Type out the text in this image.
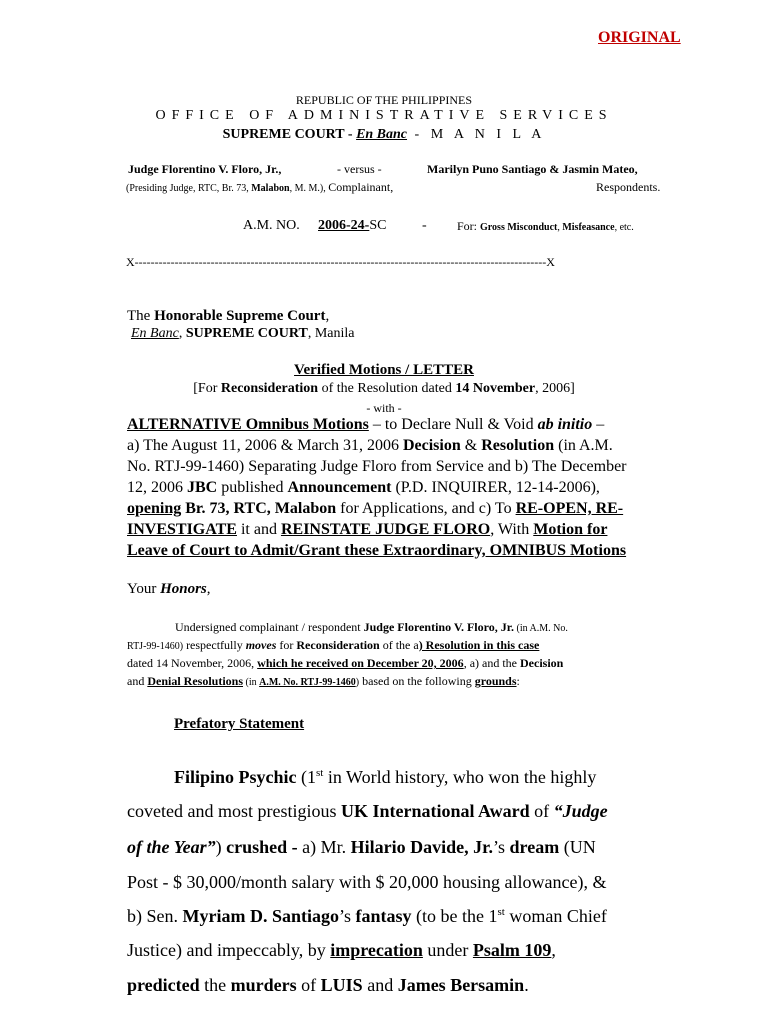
ORIGINAL
REPUBLIC OF THE PHILIPPINES
OFFICE OF ADMINISTRATIVE SERVICES
SUPREME COURT - En Banc - M A N I L A
Judge Florentino V. Floro, Jr.,	- versus -	Marilyn Puno Santiago & Jasmin Mateo,
(Presiding Judge, RTC, Br. 73, Malabon, M. M.), Complainant,	Respondents.
A.M. NO. 2006-24-SC	-	For: Gross Misconduct, Misfeasance, etc.
X-------------------------------------------------------------------------------------------------------X
The Honorable Supreme Court,
En Banc, SUPREME COURT, Manila
Verified Motions / LETTER
[For Reconsideration of the Resolution dated 14 November, 2006]
- with -
ALTERNATIVE Omnibus Motions – to Declare Null & Void ab initio –
a) The August 11, 2006 & March 31, 2006 Decision & Resolution (in A.M.
No. RTJ-99-1460) Separating Judge Floro from Service and b) The December
12, 2006 JBC published Announcement (P.D. INQUIRER, 12-14-2006),
opening Br. 73, RTC, Malabon for Applications, and c) To RE-OPEN, RE-
INVESTIGATE it and REINSTATE JUDGE FLORO, With Motion for
Leave of Court to Admit/Grant these Extraordinary, OMNIBUS Motions
Your Honors,
Undersigned complainant / respondent Judge Florentino V. Floro, Jr. (in A.M. No.
RTJ-99-1460) respectfully moves for Reconsideration of the a) Resolution in this case
dated 14 November, 2006, which he received on December 20, 2006, a) and the Decision
and Denial Resolutions (in A.M. No. RTJ-99-1460) based on the following grounds:
Prefatory Statement
Filipino Psychic (1st in World history, who won the highly
coveted and most prestigious UK International Award of “Judge
of the Year”) crushed - a) Mr. Hilario Davide, Jr.’s dream (UN
Post - $ 30,000/month salary with $ 20,000 housing allowance), &
b) Sen. Myriam D. Santiago’s fantasy (to be the 1st woman Chief
Justice) and impeccably, by imprecation under Psalm 109,
predicted the murders of LUIS and James Bersamin.
